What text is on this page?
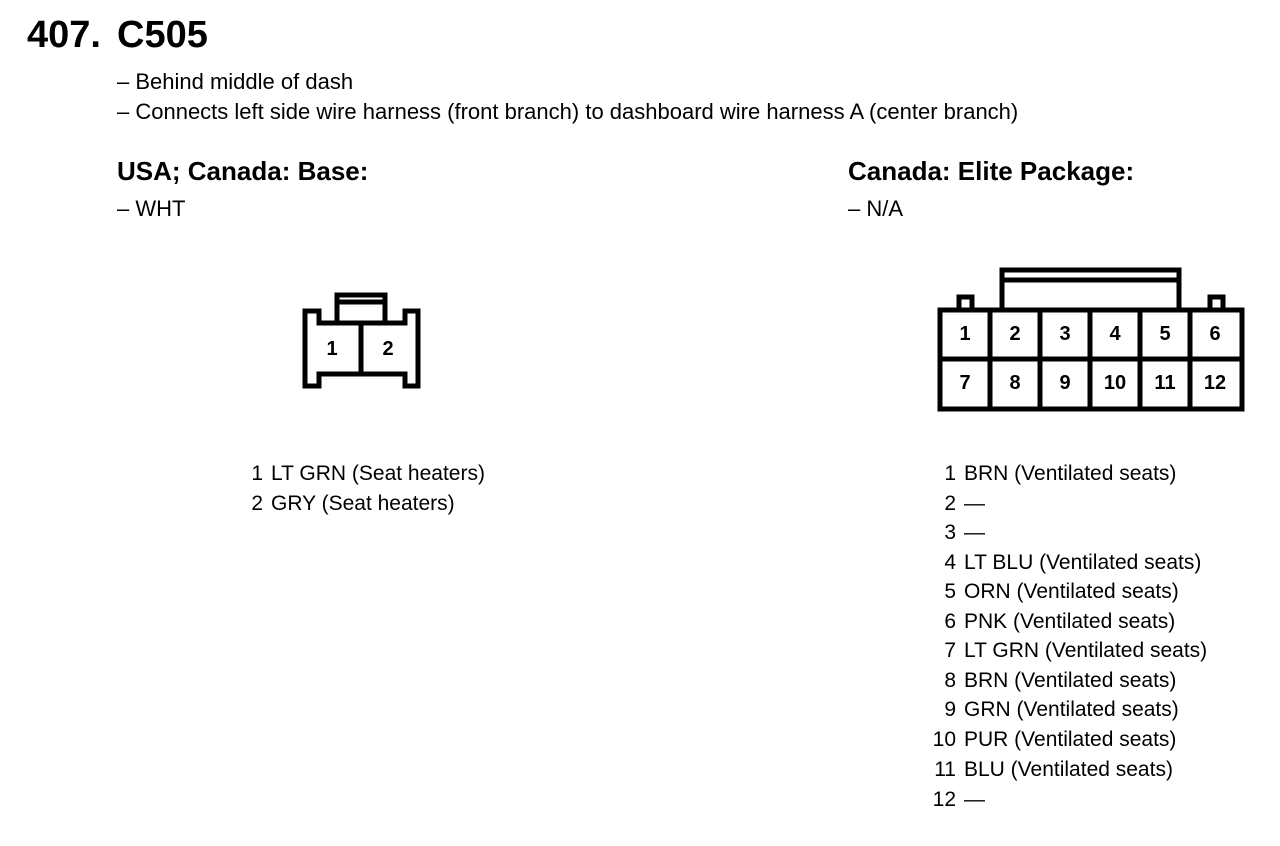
407. C505
– Behind middle of dash
– Connects left side wire harness (front branch) to dashboard wire harness A (center branch)
USA; Canada: Base:
– WHT
1 2
1 LT GRN (Seat heaters)
2 GRY (Seat heaters)
Canada: Elite Package:
– N/A
1 2 3 4 5 6
7 8 9 10 11 12
1 BRN (Ventilated seats)
2 —
3 —
4 LT BLU (Ventilated seats)
5 ORN (Ventilated seats)
6 PNK (Ventilated seats)
7 LT GRN (Ventilated seats)
8 BRN (Ventilated seats)
9 GRN (Ventilated seats)
10 PUR (Ventilated seats)
11 BLU (Ventilated seats)
12 —
